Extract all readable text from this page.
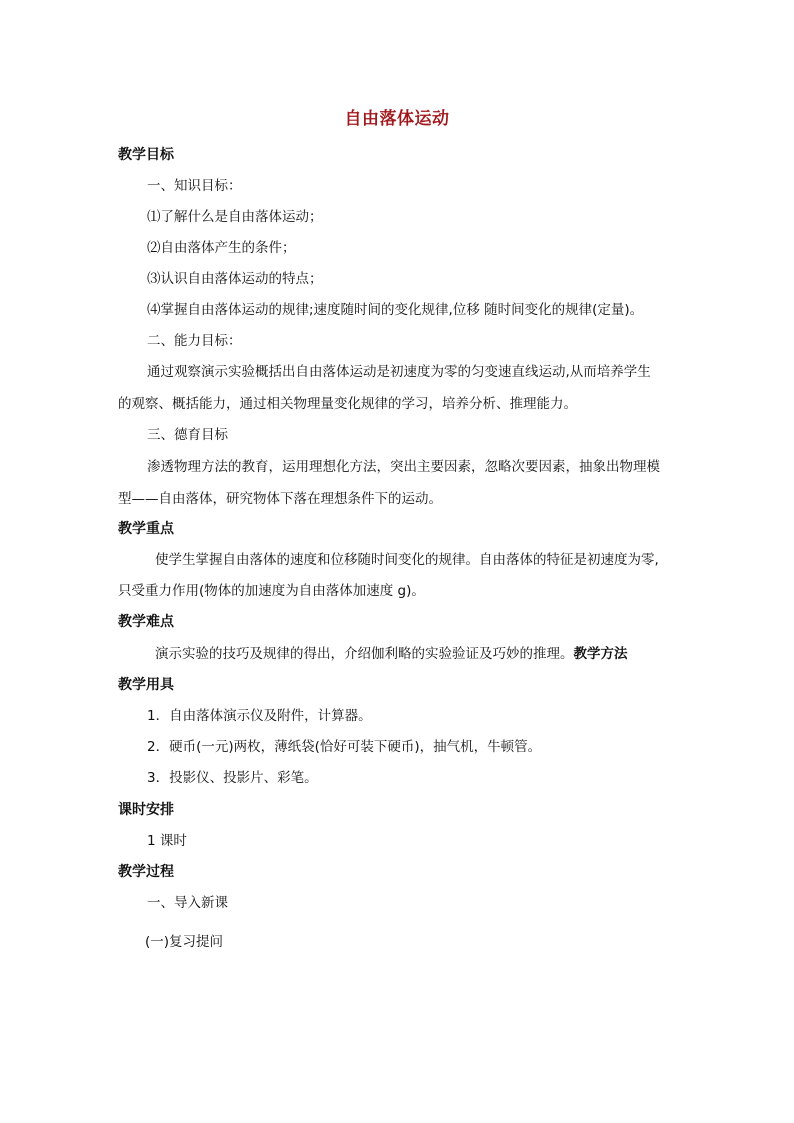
自由落体运动
教学目标
一、知识目标：
⑴了解什么是自由落体运动；
⑵自由落体产生的条件；
⑶认识自由落体运动的特点；
⑷掌握自由落体运动的规律;速度随时间的变化规律,位移 随时间变化的规律(定量)。
二、能力目标：
通过观察演示实验概括出自由落体运动是初速度为零的匀变速直线运动,从而培养学生
的观察、概括能力，通过相关物理量变化规律的学习，培养分析、推理能力。
三、德育目标
渗透物理方法的教育，运用理想化方法，突出主要因素，忽略次要因素，抽象出物理模
型——自由落体，研究物体下落在理想条件下的运动。
教学重点
使学生掌握自由落体的速度和位移随时间变化的规律。自由落体的特征是初速度为零,
只受重力作用(物体的加速度为自由落体加速度 g)。
教学难点
演示实验的技巧及规律的得出，介绍伽利略的实验验证及巧妙的推理。教学方法
教学用具
1．自由落体演示仪及附件，计算器。
2．硬币(一元)两枚，薄纸袋(恰好可装下硬币)，抽气机，牛顿管。
3．投影仪、投影片、彩笔。
课时安排
1 课时
教学过程
一、导入新课
(一)复习提问
